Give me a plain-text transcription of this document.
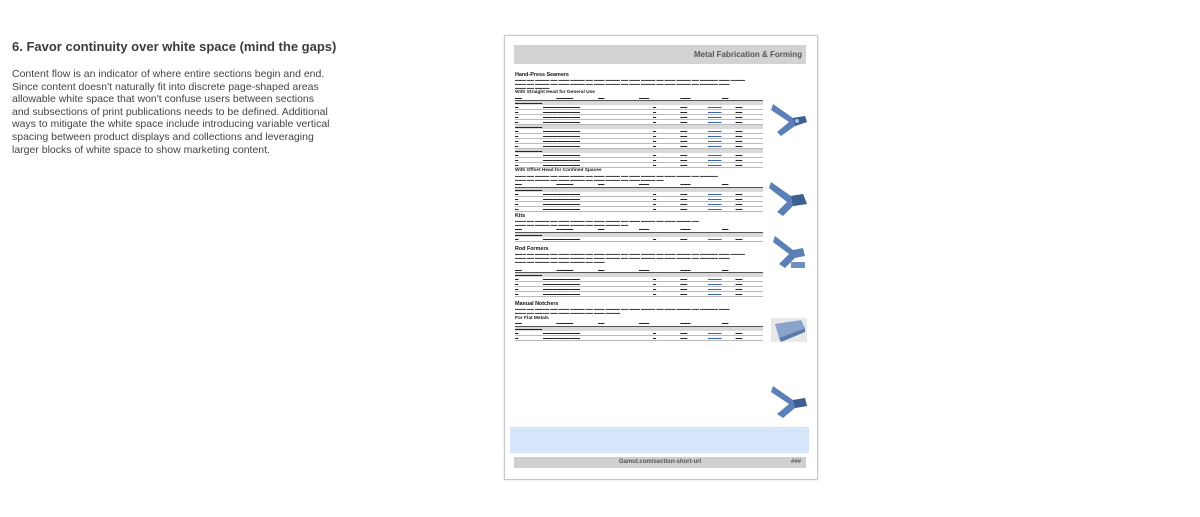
6. Favor continuity over white space (mind the gaps)

Content flow is an indicator of where entire sections begin and end. Since content doesn't naturally fit into discrete page-shaped areas allowable white space that won't confuse users between sections and subsections of print publications needs to be defined. Additional ways to mitigate the white space include introducing variable vertical spacing between product displays and collections and leveraging larger blocks of white space to show marketing content.

Metal Fabrication & Forming
Hand-Press Seamers
▬▬▬ ▬▬ ▬▬▬▬ ▬▬ ▬▬▬ ▬▬▬▬ ▬▬ ▬▬▬ ▬▬▬▬ ▬▬ ▬▬▬ ▬▬▬▬ ▬▬ ▬▬▬ ▬▬▬▬ ▬▬ ▬▬▬▬▬ ▬▬▬ ▬▬▬▬
▬▬▬ ▬▬ ▬▬▬▬ ▬▬ ▬▬▬ ▬▬▬▬ ▬▬ ▬▬▬ ▬▬▬▬ ▬▬ ▬▬▬ ▬▬▬▬ ▬▬ ▬▬▬ ▬▬▬▬ ▬▬ ▬▬▬▬▬ ▬▬▬
▬▬▬ ▬▬ ▬▬▬▬
With Straight Head for General Use
▬▬	▬▬▬▬▬	▬▬	▬▬▬	▬▬▬	▬▬
▬▬▬▬▬▬▬▬
▬	▬▬▬▬▬▬▬▬▬▬▬	▬	▬▬	▬▬▬▬	▬▬
▬	▬▬▬▬▬▬▬▬▬▬▬	▬	▬▬	▬▬▬▬	▬▬
▬	▬▬▬▬▬▬▬▬▬▬▬	▬	▬▬	▬▬▬▬	▬▬
▬	▬▬▬▬▬▬▬▬▬▬▬	▬	▬▬	▬▬▬▬	▬▬
▬▬▬▬▬▬▬▬
▬	▬▬▬▬▬▬▬▬▬▬▬	▬	▬▬	▬▬▬▬	▬▬
▬	▬▬▬▬▬▬▬▬▬▬▬	▬	▬▬	▬▬▬▬	▬▬
▬	▬▬▬▬▬▬▬▬▬▬▬	▬	▬▬	▬▬▬▬	▬▬
▬	▬▬▬▬▬▬▬▬▬▬▬	▬	▬▬	▬▬▬▬	▬▬
▬▬▬▬▬▬▬▬
▬	▬▬▬▬▬▬▬▬▬▬▬	▬	▬▬	▬▬▬▬	▬▬
▬	▬▬▬▬▬▬▬▬▬▬▬	▬	▬▬	▬▬▬▬	▬▬
▬	▬▬▬▬▬▬▬▬▬▬▬	▬	▬▬	▬▬▬▬	▬▬
With Offset Head for Confined Spaces
▬▬▬ ▬▬ ▬▬▬▬ ▬▬ ▬▬▬ ▬▬▬▬ ▬▬ ▬▬▬ ▬▬▬▬ ▬▬ ▬▬▬ ▬▬▬▬ ▬▬ ▬▬▬ ▬▬▬▬ ▬▬ ▬▬▬▬▬
▬▬▬ ▬▬ ▬▬▬▬ ▬▬ ▬▬▬ ▬▬▬▬ ▬▬ ▬▬▬ ▬▬▬▬ ▬▬ ▬▬▬ ▬▬▬▬ ▬▬
▬▬	▬▬▬▬▬	▬▬	▬▬▬	▬▬▬	▬▬
▬▬▬▬▬▬▬▬
▬	▬▬▬▬▬▬▬▬▬▬▬	▬	▬▬	▬▬▬▬	▬▬
▬	▬▬▬▬▬▬▬▬▬▬▬	▬	▬▬	▬▬▬▬	▬▬
▬	▬▬▬▬▬▬▬▬▬▬▬	▬	▬▬	▬▬▬▬	▬▬
▬	▬▬▬▬▬▬▬▬▬▬▬	▬	▬▬	▬▬▬▬	▬▬
Kits
▬▬▬ ▬▬ ▬▬▬▬ ▬▬ ▬▬▬ ▬▬▬▬ ▬▬ ▬▬▬ ▬▬▬▬ ▬▬ ▬▬▬ ▬▬▬▬ ▬▬ ▬▬▬ ▬▬▬▬ ▬▬
▬▬▬ ▬▬ ▬▬▬▬ ▬▬ ▬▬▬ ▬▬▬▬ ▬▬ ▬▬▬ ▬▬▬▬ ▬▬
▬▬	▬▬▬▬▬	▬▬	▬▬▬	▬▬▬	▬▬
▬▬▬▬▬▬▬▬
▬	▬▬▬▬▬▬▬▬▬▬▬	▬	▬▬	▬▬▬▬	▬▬
Rod Formers
▬▬▬ ▬▬ ▬▬▬▬ ▬▬ ▬▬▬ ▬▬▬▬ ▬▬ ▬▬▬ ▬▬▬▬ ▬▬ ▬▬▬ ▬▬▬▬ ▬▬ ▬▬▬ ▬▬▬▬ ▬▬ ▬▬▬▬▬ ▬▬▬ ▬▬▬▬
▬▬▬ ▬▬ ▬▬▬▬ ▬▬ ▬▬▬ ▬▬▬▬ ▬▬ ▬▬▬ ▬▬▬▬ ▬▬ ▬▬▬ ▬▬▬▬ ▬▬ ▬▬▬ ▬▬▬▬ ▬▬ ▬▬▬▬▬ ▬▬▬
▬▬▬ ▬▬ ▬▬▬▬ ▬▬ ▬▬▬ ▬▬▬▬ ▬▬ ▬▬▬
▬▬	▬▬▬▬▬	▬▬	▬▬▬	▬▬▬	▬▬
▬▬▬▬▬▬▬▬
▬	▬▬▬▬▬▬▬▬▬▬▬	▬	▬▬	▬▬▬▬	▬▬
▬	▬▬▬▬▬▬▬▬▬▬▬	▬	▬▬	▬▬▬▬	▬▬
▬	▬▬▬▬▬▬▬▬▬▬▬	▬	▬▬	▬▬▬▬	▬▬
▬	▬▬▬▬▬▬▬▬▬▬▬	▬	▬▬	▬▬▬▬	▬▬
Manual Notchers
▬▬▬ ▬▬ ▬▬▬▬ ▬▬ ▬▬▬ ▬▬▬▬ ▬▬ ▬▬▬ ▬▬▬▬ ▬▬ ▬▬▬ ▬▬▬▬ ▬▬ ▬▬▬ ▬▬▬▬ ▬▬ ▬▬▬▬▬ ▬▬▬
▬▬▬ ▬▬ ▬▬▬▬ ▬▬ ▬▬▬ ▬▬▬▬ ▬▬ ▬▬▬ ▬▬▬▬
For Flat Metals
▬▬	▬▬▬▬▬	▬▬	▬▬▬	▬▬▬	▬▬
▬▬▬▬▬▬▬▬
▬	▬▬▬▬▬▬▬▬▬▬▬	▬	▬▬	▬▬▬▬	▬▬
▬	▬▬▬▬▬▬▬▬▬▬▬	▬	▬▬	▬▬▬▬	▬▬
Gamut.com/section-short-url	###
